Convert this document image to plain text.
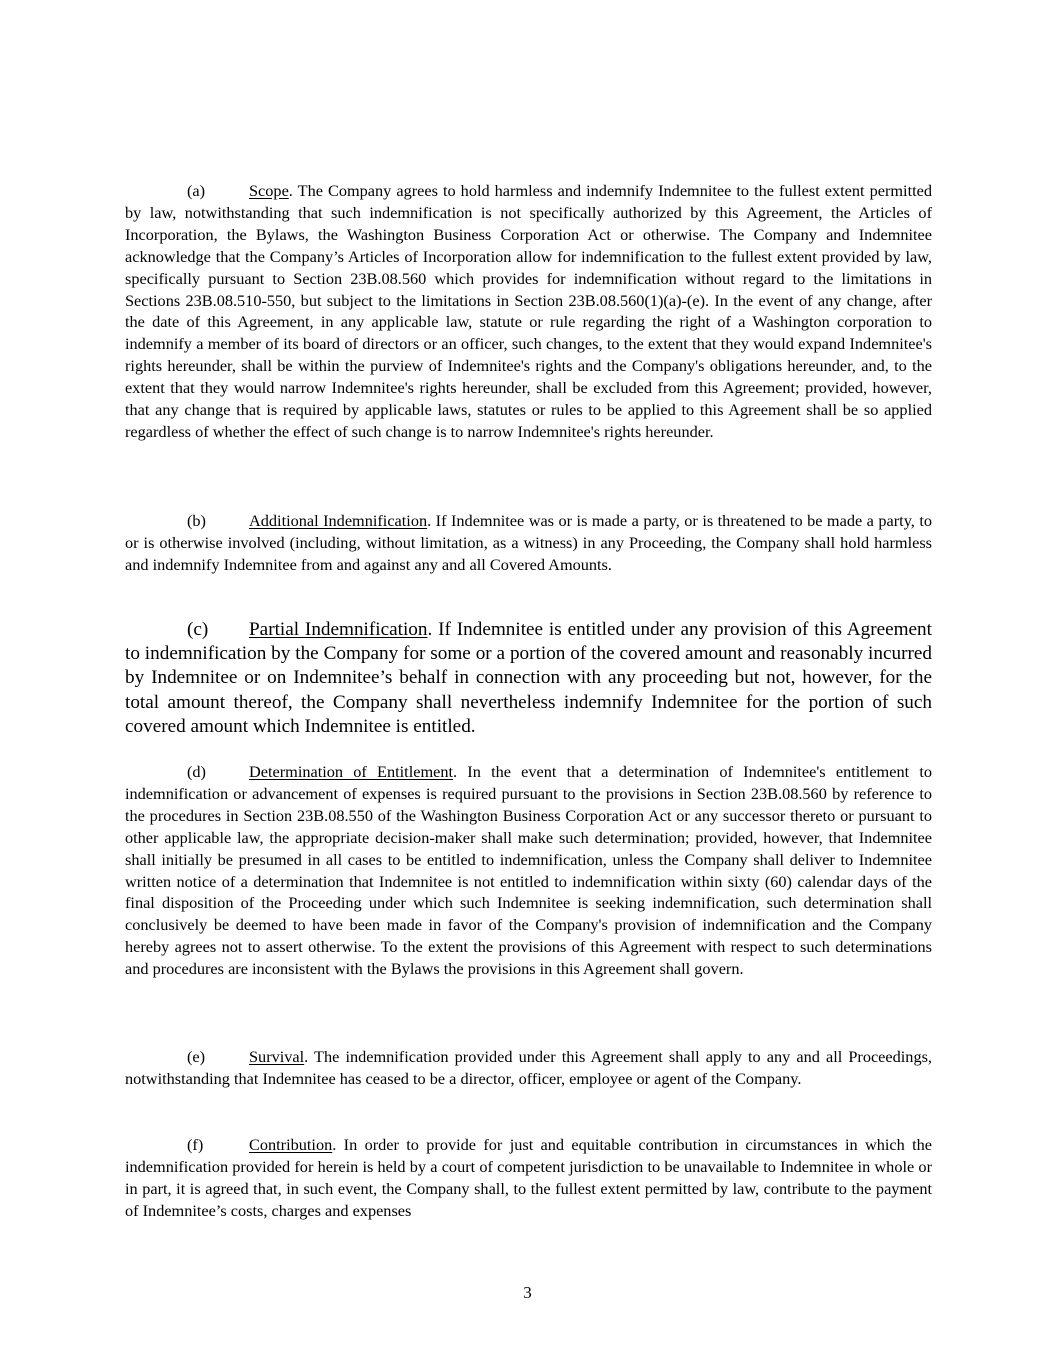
(a)	Scope. The Company agrees to hold harmless and indemnify Indemnitee to the fullest extent permitted by law, notwithstanding that such indemnification is not specifically authorized by this Agreement, the Articles of Incorporation, the Bylaws, the Washington Business Corporation Act or otherwise. The Company and Indemnitee acknowledge that the Company’s Articles of Incorporation allow for indemnification to the fullest extent provided by law, specifically pursuant to Section 23B.08.560 which provides for indemnification without regard to the limitations in Sections 23B.08.510-550, but subject to the limitations in Section 23B.08.560(1)(a)-(e). In the event of any change, after the date of this Agreement, in any applicable law, statute or rule regarding the right of a Washington corporation to indemnify a member of its board of directors or an officer, such changes, to the extent that they would expand Indemnitee's rights hereunder, shall be within the purview of Indemnitee's rights and the Company's obligations hereunder, and, to the extent that they would narrow Indemnitee's rights hereunder, shall be excluded from this Agreement; provided, however, that any change that is required by applicable laws, statutes or rules to be applied to this Agreement shall be so applied regardless of whether the effect of such change is to narrow Indemnitee's rights hereunder.

(b)	Additional Indemnification. If Indemnitee was or is made a party, or is threatened to be made a party, to or is otherwise involved (including, without limitation, as a witness) in any Proceeding, the Company shall hold harmless and indemnify Indemnitee from and against any and all Covered Amounts.

(c) Partial Indemnification. If Indemnitee is entitled under any provision of this Agreement to indemnification by the Company for some or a portion of the covered amount and reasonably incurred by Indemnitee or on Indemnitee’s behalf in connection with any proceeding but not, however, for the total amount thereof, the Company shall nevertheless indemnify Indemnitee for the portion of such covered amount which Indemnitee is entitled.

(d)	Determination of Entitlement. In the event that a determination of Indemnitee's entitlement to indemnification or advancement of expenses is required pursuant to the provisions in Section 23B.08.560 by reference to the procedures in Section 23B.08.550 of the Washington Business Corporation Act or any successor thereto or pursuant to other applicable law, the appropriate decision-maker shall make such determination; provided, however, that Indemnitee shall initially be presumed in all cases to be entitled to indemnification, unless the Company shall deliver to Indemnitee written notice of a determination that Indemnitee is not entitled to indemnification within sixty (60) calendar days of the final disposition of the Proceeding under which such Indemnitee is seeking indemnification, such determination shall conclusively be deemed to have been made in favor of the Company's provision of indemnification and the Company hereby agrees not to assert otherwise. To the extent the provisions of this Agreement with respect to such determinations and procedures are inconsistent with the Bylaws the provisions in this Agreement shall govern.

(e)	Survival. The indemnification provided under this Agreement shall apply to any and all Proceedings, notwithstanding that Indemnitee has ceased to be a director, officer, employee or agent of the Company.

(f)	Contribution. In order to provide for just and equitable contribution in circumstances in which the indemnification provided for herein is held by a court of competent jurisdiction to be unavailable to Indemnitee in whole or in part, it is agreed that, in such event, the Company shall, to the fullest extent permitted by law, contribute to the payment of Indemnitee’s costs, charges and expenses

3
